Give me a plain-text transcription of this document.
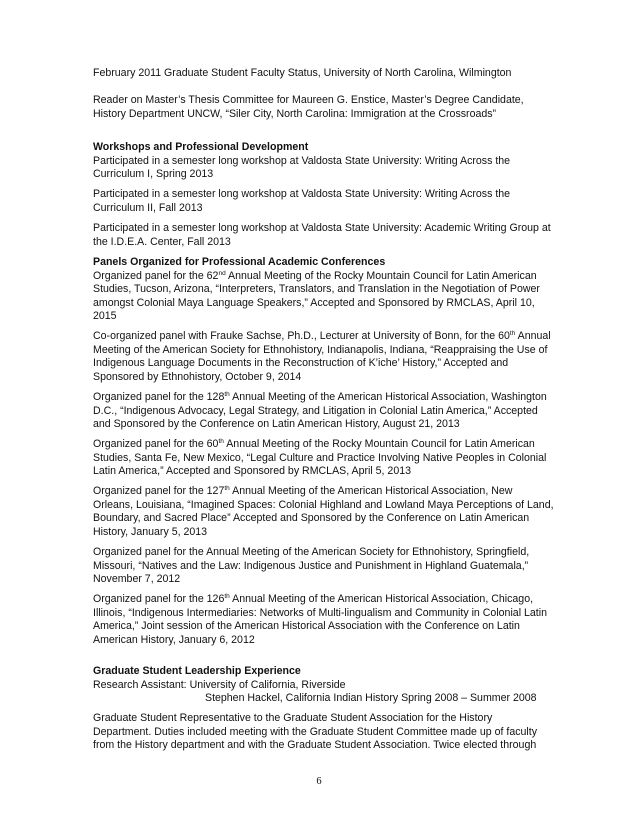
February 2011 Graduate Student Faculty Status, University of North Carolina, Wilmington
Reader on Master’s Thesis Committee for Maureen G. Enstice, Master’s Degree Candidate,
History Department UNCW, “Siler City, North Carolina: Immigration at the Crossroads”
Workshops and Professional Development
Participated in a semester long workshop at Valdosta State University: Writing Across the
Curriculum I, Spring 2013
Participated in a semester long workshop at Valdosta State University: Writing Across the
Curriculum II, Fall 2013
Participated in a semester long workshop at Valdosta State University: Academic Writing Group at
the I.D.E.A. Center, Fall 2013
Panels Organized for Professional Academic Conferences
Organized panel for the 62nd Annual Meeting of the Rocky Mountain Council for Latin American
Studies, Tucson, Arizona, “Interpreters, Translators, and Translation in the Negotiation of Power
amongst Colonial Maya Language Speakers,” Accepted and Sponsored by RMCLAS, April 10,
2015
Co-organized panel with Frauke Sachse, Ph.D., Lecturer at University of Bonn, for the 60th Annual
Meeting of the American Society for Ethnohistory, Indianapolis, Indiana, “Reappraising the Use of
Indigenous Language Documents in the Reconstruction of K’iche’ History,” Accepted and
Sponsored by Ethnohistory, October 9, 2014
Organized panel for the 128th Annual Meeting of the American Historical Association, Washington
D.C., “Indigenous Advocacy, Legal Strategy, and Litigation in Colonial Latin America,” Accepted
and Sponsored by the Conference on Latin American History, August 21, 2013
Organized panel for the 60th Annual Meeting of the Rocky Mountain Council for Latin American
Studies, Santa Fe, New Mexico, “Legal Culture and Practice Involving Native Peoples in Colonial
Latin America,” Accepted and Sponsored by RMCLAS, April 5, 2013
Organized panel for the 127th Annual Meeting of the American Historical Association, New
Orleans, Louisiana, “Imagined Spaces: Colonial Highland and Lowland Maya Perceptions of Land,
Boundary, and Sacred Place” Accepted and Sponsored by the Conference on Latin American
History, January 5, 2013
Organized panel for the Annual Meeting of the American Society for Ethnohistory, Springfield,
Missouri, “Natives and the Law: Indigenous Justice and Punishment in Highland Guatemala,”
November 7, 2012
Organized panel for the 126th Annual Meeting of the American Historical Association, Chicago,
Illinois, “Indigenous Intermediaries: Networks of Multi-lingualism and Community in Colonial Latin
America,” Joint session of the American Historical Association with the Conference on Latin
American History, January 6, 2012
Graduate Student Leadership Experience
Research Assistant: University of California, Riverside
Stephen Hackel, California Indian History Spring 2008 – Summer 2008
Graduate Student Representative to the Graduate Student Association for the History
Department. Duties included meeting with the Graduate Student Committee made up of faculty
from the History department and with the Graduate Student Association. Twice elected through
6
